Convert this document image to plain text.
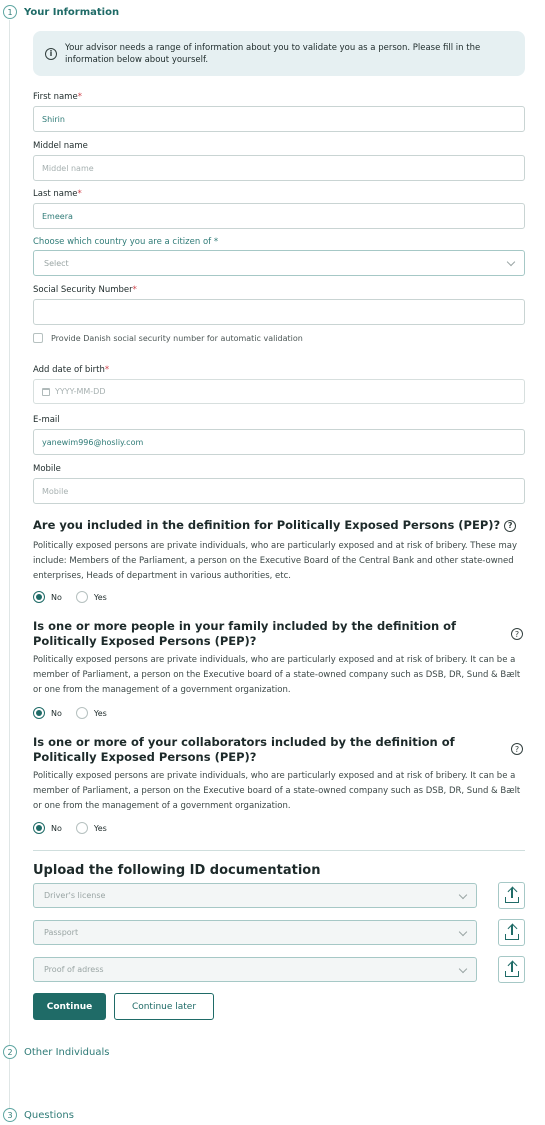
1	Your Information
i
Your advisor needs a range of information about you to validate you as a person. Please fill in the information below about yourself.
First name*
Shirin
Middel name
Middel name
Last name*
Emeera
Choose which country you are a citizen of *
Select
Social Security Number*
Provide Danish social security number for automatic validation
Add date of birth*
YYYY-MM-DD
E-mail
yanewim996@hosliy.com
Mobile
Mobile
Are you included in the definition for Politically Exposed Persons (PEP)? ?
Politically exposed persons are private individuals, who are particularly exposed and at risk of bribery. These may include: Members of the Parliament, a person on the Executive Board of the Central Bank and other state-owned enterprises, Heads of department in various authorities, etc.
No	Yes
Is one or more people in your family included by the definition of Politically Exposed Persons (PEP)?	?
Politically exposed persons are private individuals, who are particularly exposed and at risk of bribery. It can be a member of Parliament, a person on the Executive board of a state-owned company such as DSB, DR, Sund & Bælt or one from the management of a government organization.
No	Yes
Is one or more of your collaborators included by the definition of Politically Exposed Persons (PEP)?
?
Politically exposed persons are private individuals, who are particularly exposed and at risk of bribery. It can be a member of Parliament, a person on the Executive board of a state-owned company such as DSB, DR, Sund & Bælt or one from the management of a government organization.
No	Yes
Upload the following ID documentation
Driver's license
Passport
Proof of adress
Continue	Continue later
2	Other Individuals
3	Questions
